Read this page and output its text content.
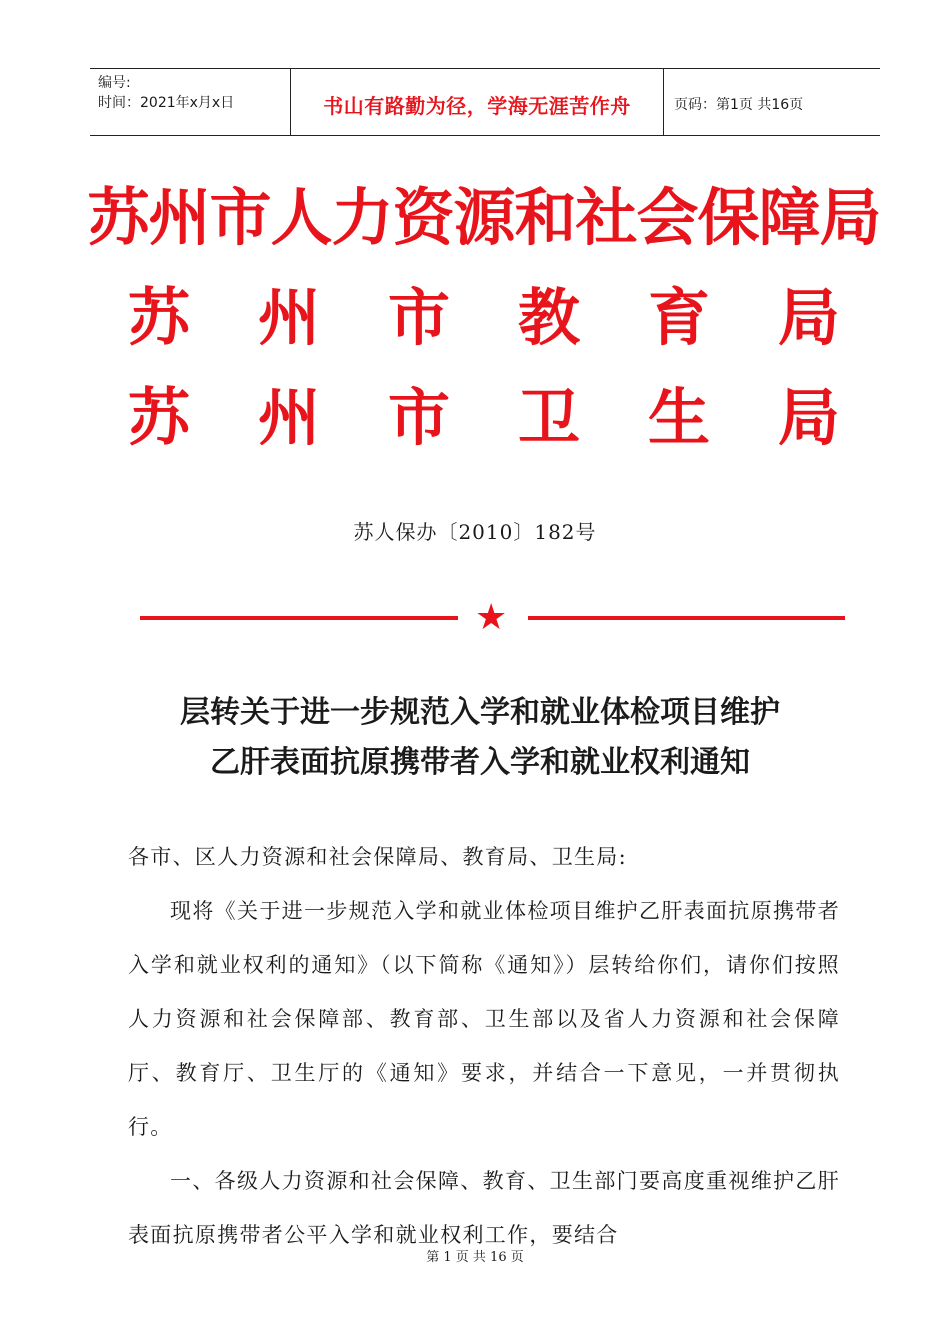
编号:
时间：2021年x月x日	书山有路勤为径，学海无涯苦作舟	页码：第1页 共16页
苏州市人力资源和社会保障局
苏 州 市 教 育 局
苏 州 市 卫 生 局
苏人保办〔2010〕182号
★
层转关于进一步规范入学和就业体检项目维护
乙肝表面抗原携带者入学和就业权利通知

各市、区人力资源和社会保障局、教育局、卫生局:

现将《关于进一步规范入学和就业体检项目维护乙肝表面抗原携带者入学和就业权利的通知》（以下简称《通知》）层转给你们，请你们按照人力资源和社会保障部、教育部、卫生部以及省人力资源和社会保障厅、教育厅、卫生厅的《通知》要求，并结合一下意见，一并贯彻执行。

一、各级人力资源和社会保障、教育、卫生部门要高度重视维护乙肝表面抗原携带者公平入学和就业权利工作，要结合

第 1 页 共 16 页
